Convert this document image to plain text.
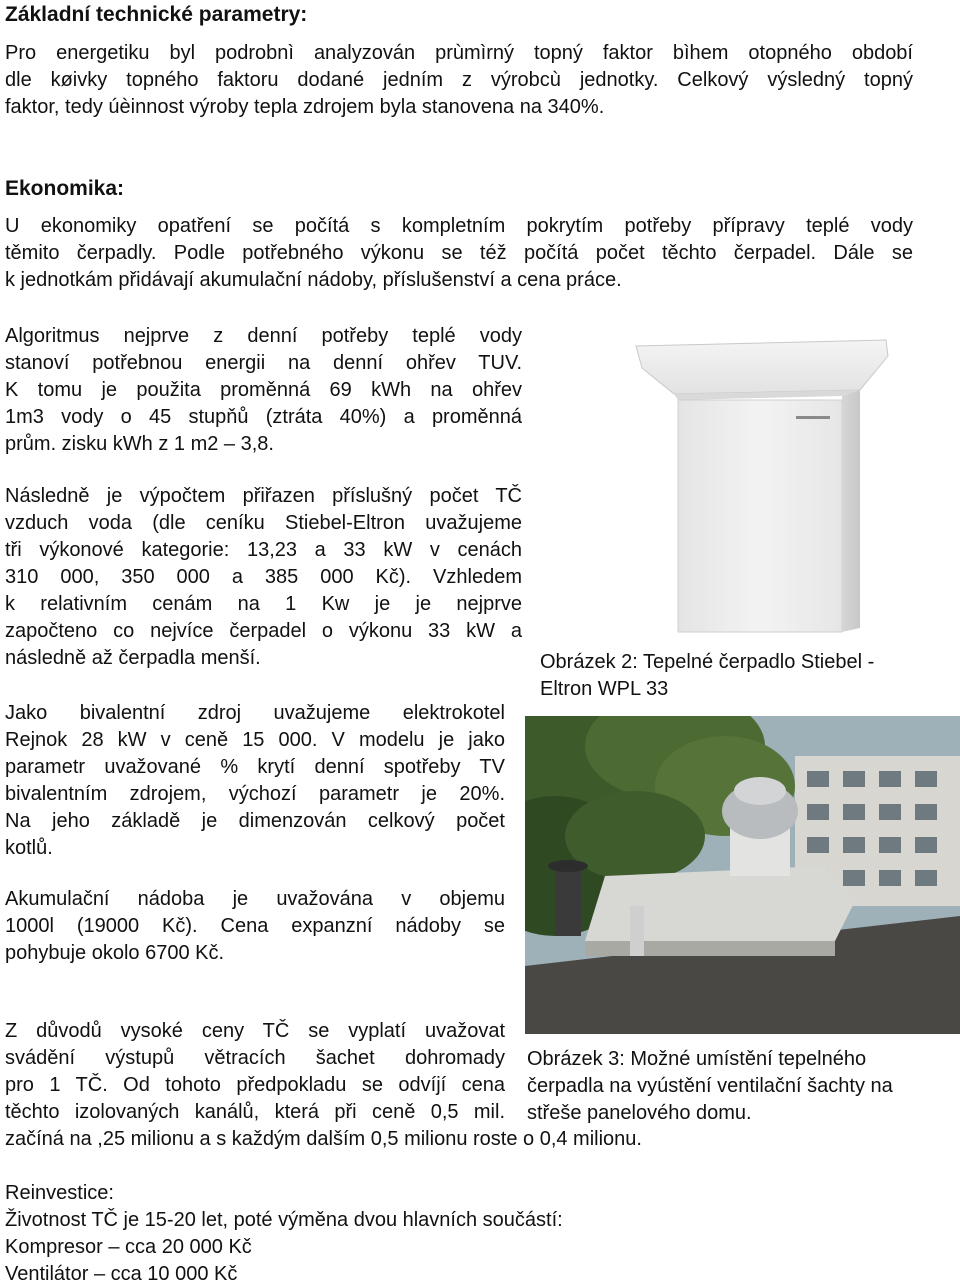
Základní technické parametry:
Pro energetiku byl podrobnì analyzován prùmìrný topný faktor bìhem otopného období
dle køivky topného faktoru dodané jedním z výrobcù jednotky. Celkový výsledný topný
faktor, tedy úèinnost výroby tepla zdrojem byla stanovena na 340%.
Ekonomika:
U ekonomiky opatření se počítá s kompletním pokrytím potřeby přípravy teplé vody
těmito čerpadly. Podle potřebného výkonu se též počítá počet těchto čerpadel. Dále se
k jednotkám přidávají akumulační nádoby, příslušenství a cena práce.
Algoritmus nejprve z denní potřeby teplé vody
stanoví potřebnou energii na denní ohřev TUV.
K tomu je použita proměnná 69 kWh na ohřev
1m3 vody o 45 stupňů (ztráta 40%) a proměnná
prům. zisku kWh z 1 m2 – 3,8.
Následně je výpočtem přiřazen příslušný počet TČ
vzduch voda (dle ceníku Stiebel-Eltron uvažujeme
tři výkonové kategorie: 13,23 a 33 kW v cenách
310 000, 350 000 a 385 000 Kč). Vzhledem
k relativním cenám na 1 Kw je je nejprve
započteno co nejvíce čerpadel o výkonu 33 kW a
následně až čerpadla menší.
Jako bivalentní zdroj uvažujeme elektrokotel
Rejnok 28 kW v ceně 15 000. V modelu je jako
parametr uvažované % krytí denní spotřeby TV
bivalentním zdrojem, výchozí parametr je 20%.
Na jeho základě je dimenzován celkový počet
kotlů.
Akumulační nádoba je uvažována v objemu
1000l (19000 Kč). Cena expanzní nádoby se
pohybuje okolo 6700 Kč.
Z důvodů vysoké ceny TČ se vyplatí uvažovat
svádění výstupů větracích šachet dohromady
pro 1 TČ. Od tohoto předpokladu se odvíjí cena
těchto izolovaných kanálů, která při ceně 0,5 mil.
začíná na ,25 milionu a s každým dalším 0,5 milionu roste o 0,4 milionu.
Reinvestice:
Životnost TČ je 15-20 let, poté výměna dvou hlavních součástí:
Kompresor – cca 20 000 Kč
Ventilátor – cca 10 000 Kč
Obrázek 2: Tepelné čerpadlo Stiebel -
Eltron WPL 33
Obrázek 3: Možné umístění tepelného
čerpadla na vyústění ventilační šachty na
střeše panelového domu.
